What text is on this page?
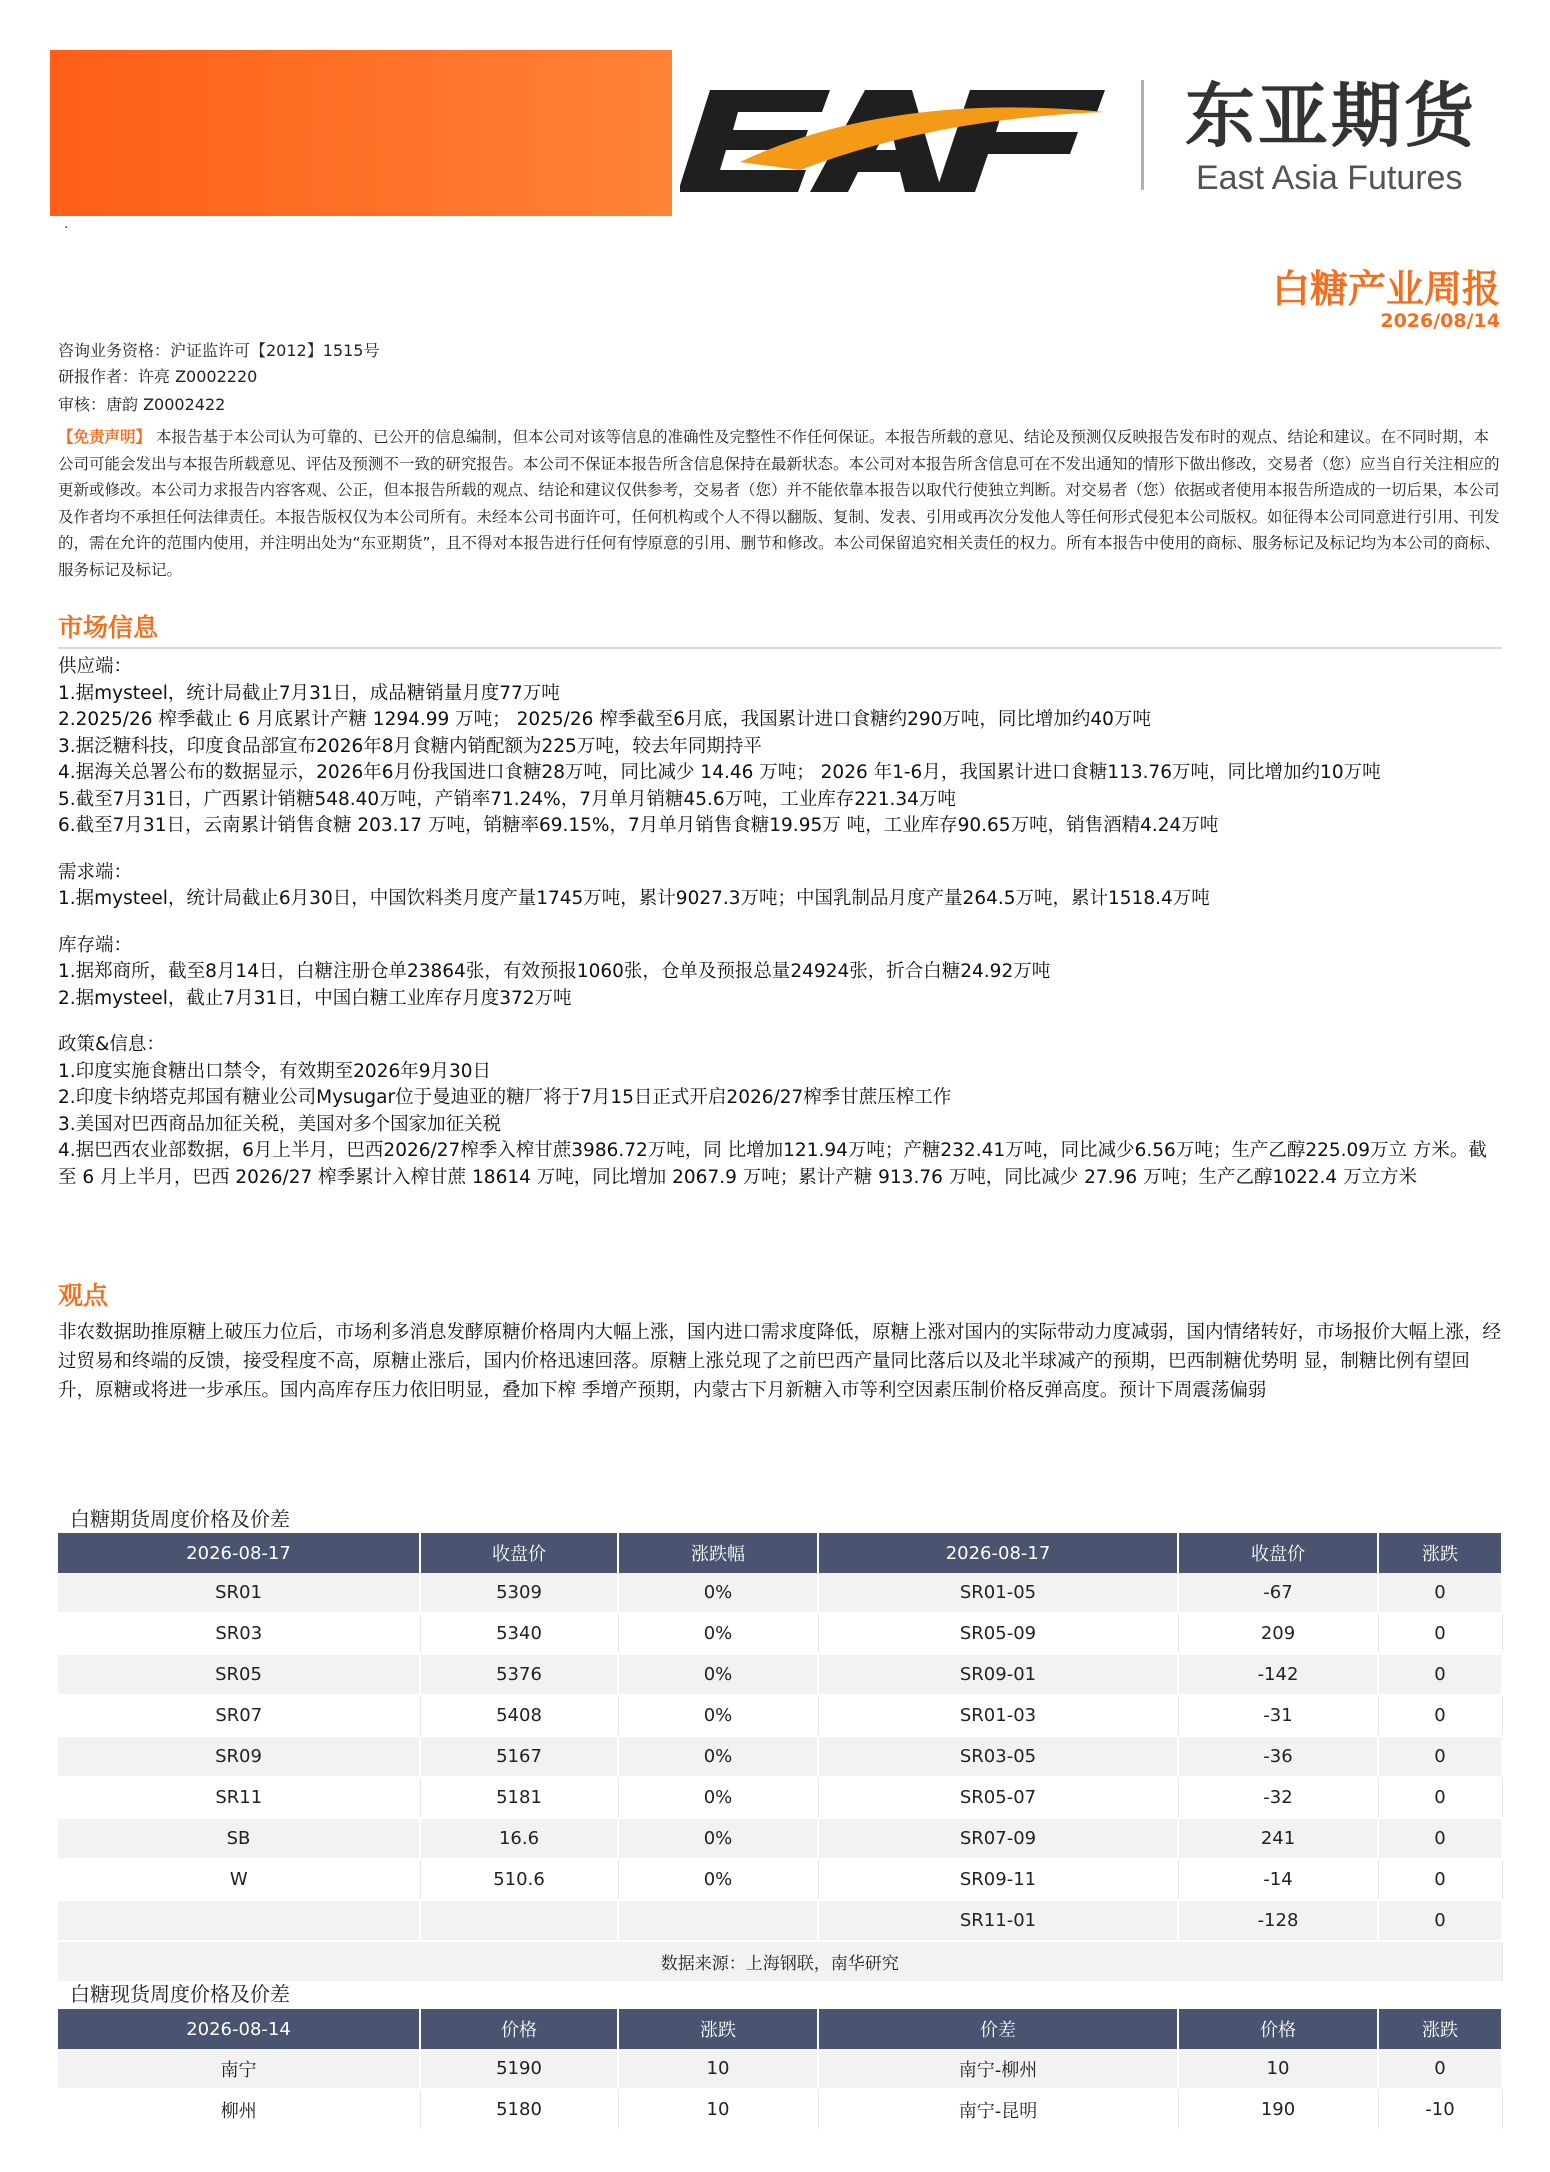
东亚期货
East Asia Futures
·
白糖产业周报
2026/08/14
咨询业务资格：沪证监许可【2012】1515号
研报作者：许亮 Z0002220
审核：唐韵 Z0002422
【免责声明】 本报告基于本公司认为可靠的、已公开的信息编制，但本公司对该等信息的准确性及完整性不作任何保证。本报告所载的意见、结论及预测仅反映报告发布时的观点、结论和建议。在不同时期，本公司可能会发出与本报告所载意见、评估及预测不一致的研究报告。本公司不保证本报告所含信息保持在最新状态。本公司对本报告所含信息可在不发出通知的情形下做出修改，交易者（您）应当自行关注相应的更新或修改。本公司力求报告内容客观、公正，但本报告所载的观点、结论和建议仅供参考，交易者（您）并不能依靠本报告以取代行使独立判断。对交易者（您）依据或者使用本报告所造成的一切后果，本公司及作者均不承担任何法律责任。本报告版权仅为本公司所有。未经本公司书面许可，任何机构或个人不得以翻版、复制、发表、引用或再次分发他人等任何形式侵犯本公司版权。如征得本公司同意进行引用、刊发的，需在允许的范围内使用，并注明出处为“东亚期货”，且不得对本报告进行任何有悖原意的引用、删节和修改。本公司保留追究相关责任的权力。所有本报告中使用的商标、服务标记及标记均为本公司的商标、服务标记及标记。
市场信息
供应端：
1.据mysteel，统计局截止7月31日，成品糖销量月度77万吨
2.2025/26 榨季截止 6 月底累计产糖 1294.99 万吨； 2025/26 榨季截至6月底，我国累计进口食糖约290万吨，同比增加约40万吨
3.据泛糖科技，印度食品部宣布2026年8月食糖内销配额为225万吨，较去年同期持平
4.据海关总署公布的数据显示，2026年6月份我国进口食糖28万吨，同比减少 14.46 万吨； 2026 年1-6月，我国累计进口食糖113.76万吨，同比增加约10万吨
5.截至7月31日，广西累计销糖548.40万吨，产销率71.24%，7月单月销糖45.6万吨，工业库存221.34万吨
6.截至7月31日，云南累计销售食糖 203.17 万吨，销糖率69.15%，7月单月销售食糖19.95万 吨，工业库存90.65万吨，销售酒精4.24万吨
需求端：
1.据mysteel，统计局截止6月30日，中国饮料类月度产量1745万吨，累计9027.3万吨；中国乳制品月度产量264.5万吨，累计1518.4万吨
库存端：
1.据郑商所，截至8月14日，白糖注册仓单23864张，有效预报1060张，仓单及预报总量24924张，折合白糖24.92万吨
2.据mysteel，截止7月31日，中国白糖工业库存月度372万吨
政策&信息：
1.印度实施食糖出口禁令，有效期至2026年9月30日
2.印度卡纳塔克邦国有糖业公司Mysugar位于曼迪亚的糖厂将于7月15日正式开启2026/27榨季甘蔗压榨工作
3.美国对巴西商品加征关税，美国对多个国家加征关税
4.据巴西农业部数据，6月上半月，巴西2026/27榨季入榨甘蔗3986.72万吨，同 比增加121.94万吨；产糖232.41万吨，同比减少6.56万吨；生产乙醇225.09万立 方米。截至 6 月上半月，巴西 2026/27 榨季累计入榨甘蔗 18614 万吨，同比增加 2067.9 万吨；累计产糖 913.76 万吨，同比减少 27.96 万吨；生产乙醇1022.4 万立方米
观点
非农数据助推原糖上破压力位后，市场利多消息发酵原糖价格周内大幅上涨，国内进口需求度降低，原糖上涨对国内的实际带动力度减弱，国内情绪转好，市场报价大幅上涨，经过贸易和终端的反馈，接受程度不高，原糖止涨后，国内价格迅速回落。原糖上涨兑现了之前巴西产量同比落后以及北半球减产的预期，巴西制糖优势明 显，制糖比例有望回升，原糖或将进一步承压。国内高库存压力依旧明显，叠加下榨 季增产预期，内蒙古下月新糖入市等利空因素压制价格反弹高度。预计下周震荡偏弱
白糖期货周度价格及价差
2026-08-17	收盘价	涨跌幅	2026-08-17	收盘价	涨跌
SR01	5309	0%	SR01-05	-67	0
SR03	5340	0%	SR05-09	209	0
SR05	5376	0%	SR09-01	-142	0
SR07	5408	0%	SR01-03	-31	0
SR09	5167	0%	SR03-05	-36	0
SR11	5181	0%	SR05-07	-32	0
SB	16.6	0%	SR07-09	241	0
W	510.6	0%	SR09-11	-14	0
			SR11-01	-128	0
数据来源：上海钢联，南华研究					
白糖现货周度价格及价差
2026-08-14	价格	涨跌	价差	价格	涨跌
南宁	5190	10	南宁-柳州	10	0
柳州	5180	10	南宁-昆明	190	-10
